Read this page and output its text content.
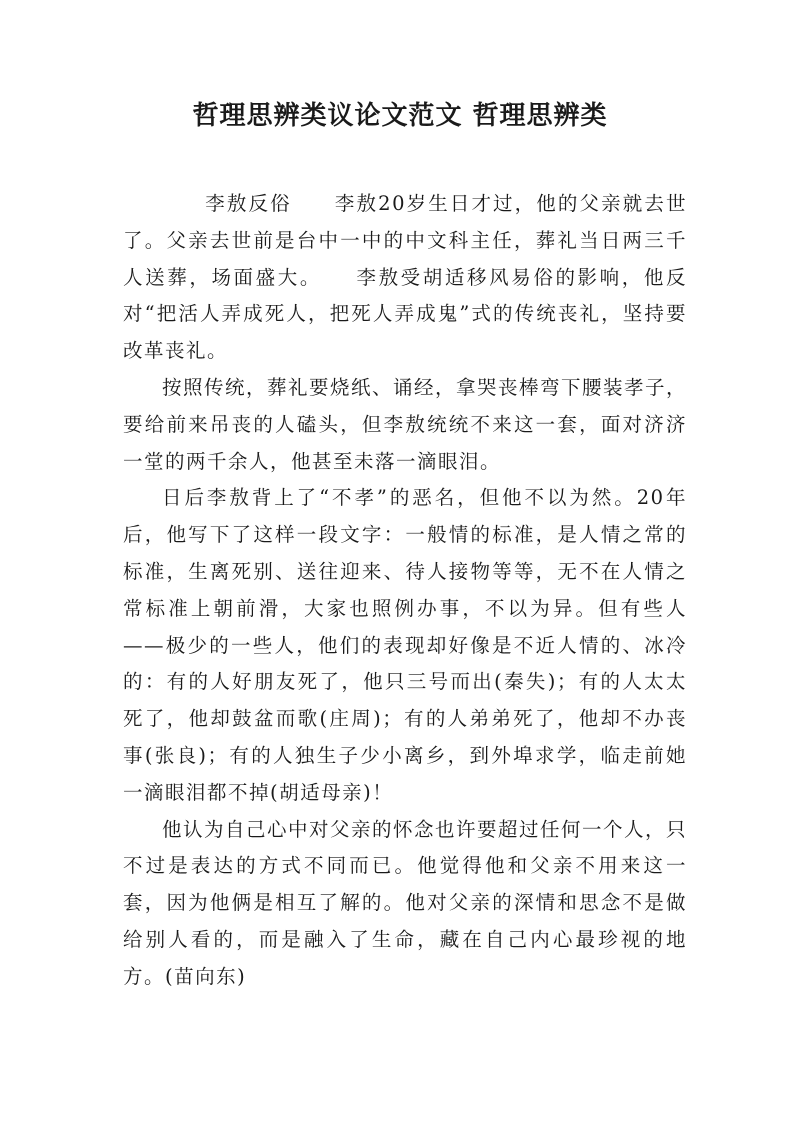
哲理思辨类议论文范文 哲理思辨类

　　李敖反俗　　李敖20岁生日才过，他的父亲就去世了。父亲去世前是台中一中的中文科主任，葬礼当日两三千人送葬，场面盛大。　　李敖受胡适移风易俗的影响，他反对“把活人弄成死人，把死人弄成鬼”式的传统丧礼，坚持要改革丧礼。

按照传统，葬礼要烧纸、诵经，拿哭丧棒弯下腰装孝子，要给前来吊丧的人磕头，但李敖统统不来这一套，面对济济一堂的两千余人，他甚至未落一滴眼泪。

日后李敖背上了“不孝”的恶名，但他不以为然。20年后，他写下了这样一段文字：一般情的标准，是人情之常的标准，生离死别、送往迎来、待人接物等等，无不在人情之常标准上朝前滑，大家也照例办事，不以为异。但有些人——极少的一些人，他们的表现却好像是不近人情的、冰冷的：有的人好朋友死了，他只三号而出(秦失)；有的人太太死了，他却鼓盆而歌(庄周)；有的人弟弟死了，他却不办丧事(张良)；有的人独生子少小离乡，到外埠求学，临走前她一滴眼泪都不掉(胡适母亲)！

他认为自己心中对父亲的怀念也许要超过任何一个人，只不过是表达的方式不同而已。他觉得他和父亲不用来这一套，因为他俩是相互了解的。他对父亲的深情和思念不是做给别人看的，而是融入了生命，藏在自己内心最珍视的地方。(苗向东)
